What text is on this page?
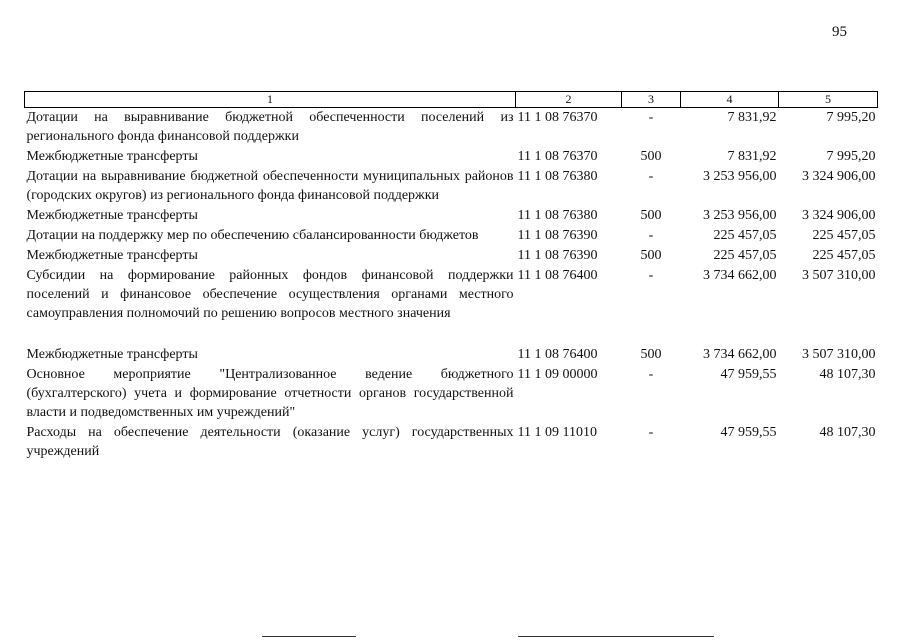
95
1	2	3	4	5
Дотации на выравнивание бюджетной обеспеченности поселений из регионального фонда финансовой поддержки	11 1 08 76370	-	7 831,92	7 995,20
Межбюджетные трансферты	11 1 08 76370	500	7 831,92	7 995,20
Дотации на выравнивание бюджетной обеспеченности муниципальных районов (городских округов) из регионального фонда финансовой поддержки	11 1 08 76380	-	3 253 956,00	3 324 906,00
Межбюджетные трансферты	11 1 08 76380	500	3 253 956,00	3 324 906,00
Дотации на поддержку мер по обеспечению сбалансированности бюджетов	11 1 08 76390	-	225 457,05	225 457,05
Межбюджетные трансферты	11 1 08 76390	500	225 457,05	225 457,05
Субсидии на формирование районных фондов финансовой поддержки поселений и финансовое обеспечение осуществления органами местного самоуправления полномочий по решению вопросов местного значения	11 1 08 76400	-	3 734 662,00	3 507 310,00

Межбюджетные трансферты	11 1 08 76400	500	3 734 662,00	3 507 310,00
Основное мероприятие "Централизованное ведение бюджетного (бухгалтерского) учета и формирование отчетности органов государственной власти и подведомственных им учреждений"	11 1 09 00000	-	47 959,55	48 107,30
Расходы на обеспечение деятельности (оказание услуг) государственных учреждений	11 1 09 11010	-	47 959,55	48 107,30
